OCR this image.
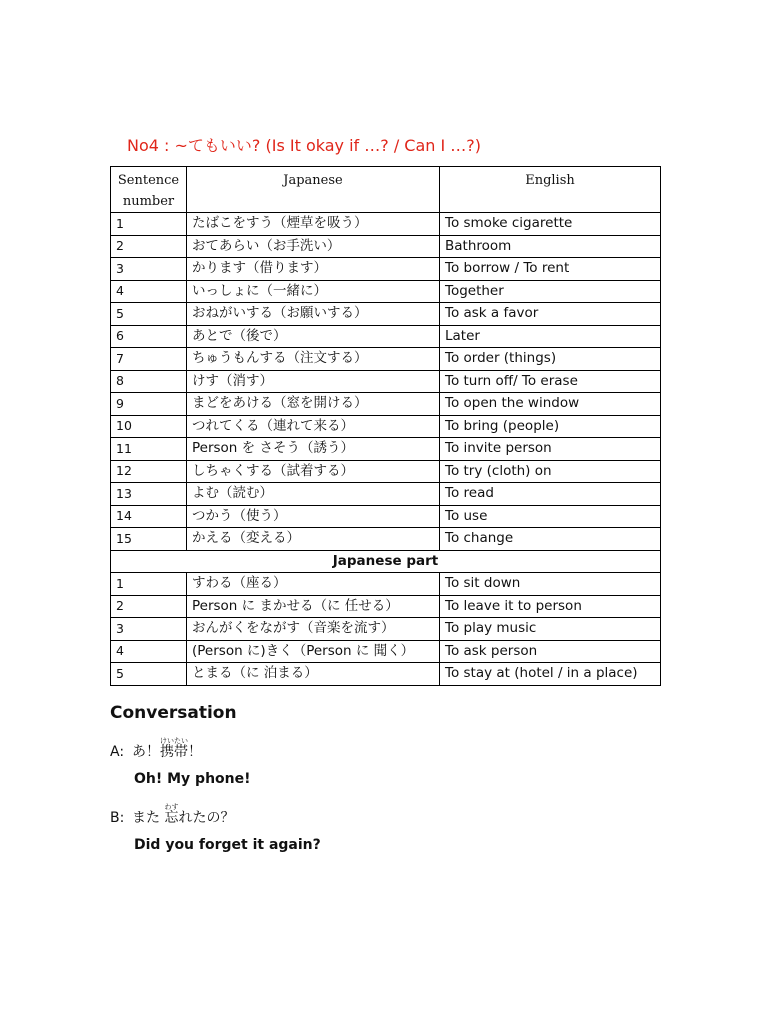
No4 : ~てもいい? (Is It okay if …? / Can I …?)
Sentence
number	Japanese	English
1	たばこをすう（煙草を吸う）	To smoke cigarette
2	おてあらい（お手洗い）	Bathroom
3	かります（借ります）	To borrow / To rent
4	いっしょに（一緒に）	Together
5	おねがいする（お願いする）	To ask a favor
6	あとで（後で）	Later
7	ちゅうもんする（注文する）	To order (things)
8	けす（消す）	To turn off/ To erase
9	まどをあける（窓を開ける）	To open the window
10	つれてくる（連れて来る）	To bring (people)
11	Person を さそう（誘う）	To invite person
12	しちゃくする（試着する）	To try (cloth) on
13	よむ（読む）	To read
14	つかう（使う）	To use
15	かえる（変える）	To change
Japanese part		
1	すわる（座る）	To sit down
2	Person に まかせる（に 任せる）	To leave it to person
3	おんがくをながす（音楽を流す）	To play music
4	(Person に)きく（Person に 聞く）	To ask person
5	とまる（に 泊まる）	To stay at (hotel / in a place)
Conversation
A: あ！携帯けいたい！
Oh! My phone!
B: また 忘わすれたの？
Did you forget it again?
